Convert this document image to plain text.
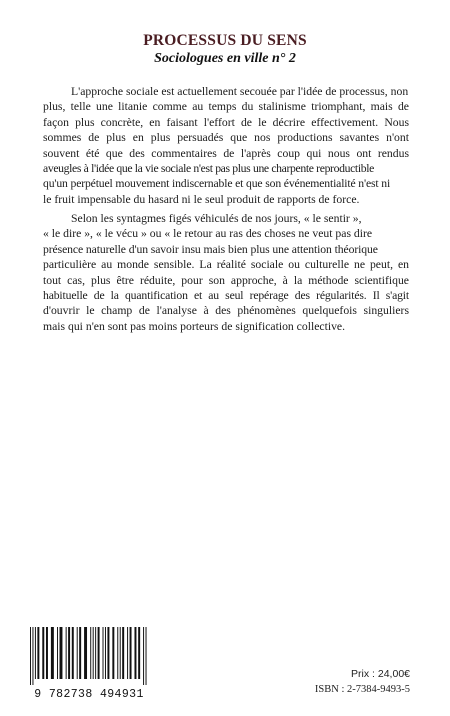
PROCESSUS DU SENS
Sociologues en ville n° 2
L'approche sociale est actuellement secouée par l'idée de processus, non
plus, telle une litanie comme au temps du stalinisme triomphant, mais de
façon plus concrète, en faisant l'effort de le décrire effectivement. Nous
sommes de plus en plus persuadés que nos productions savantes n'ont
souvent été que des commentaires de l'après coup qui nous ont rendus
aveugles à l'idée que la vie sociale n'est pas plus une charpente reproductible
qu'un perpétuel mouvement indiscernable et que son événementialité n'est ni
le fruit impensable du hasard ni le seul produit de rapports de force.
Selon les syntagmes figés véhiculés de nos jours, « le sentir »,
« le dire », « le vécu » ou « le retour au ras des choses ne veut pas dire
présence naturelle d'un savoir insu mais bien plus une attention théorique
particulière au monde sensible. La réalité sociale ou culturelle ne peut, en
tout cas, plus être réduite, pour son approche, à la méthode scientifique
habituelle de la quantification et au seul repérage des régularités. Il s'agit
d'ouvrir le champ de l'analyse à des phénomènes quelquefois singuliers
mais qui n'en sont pas moins porteurs de signification collective.
9 782738 494931
Prix : 24,00€
ISBN : 2-7384-9493-5
